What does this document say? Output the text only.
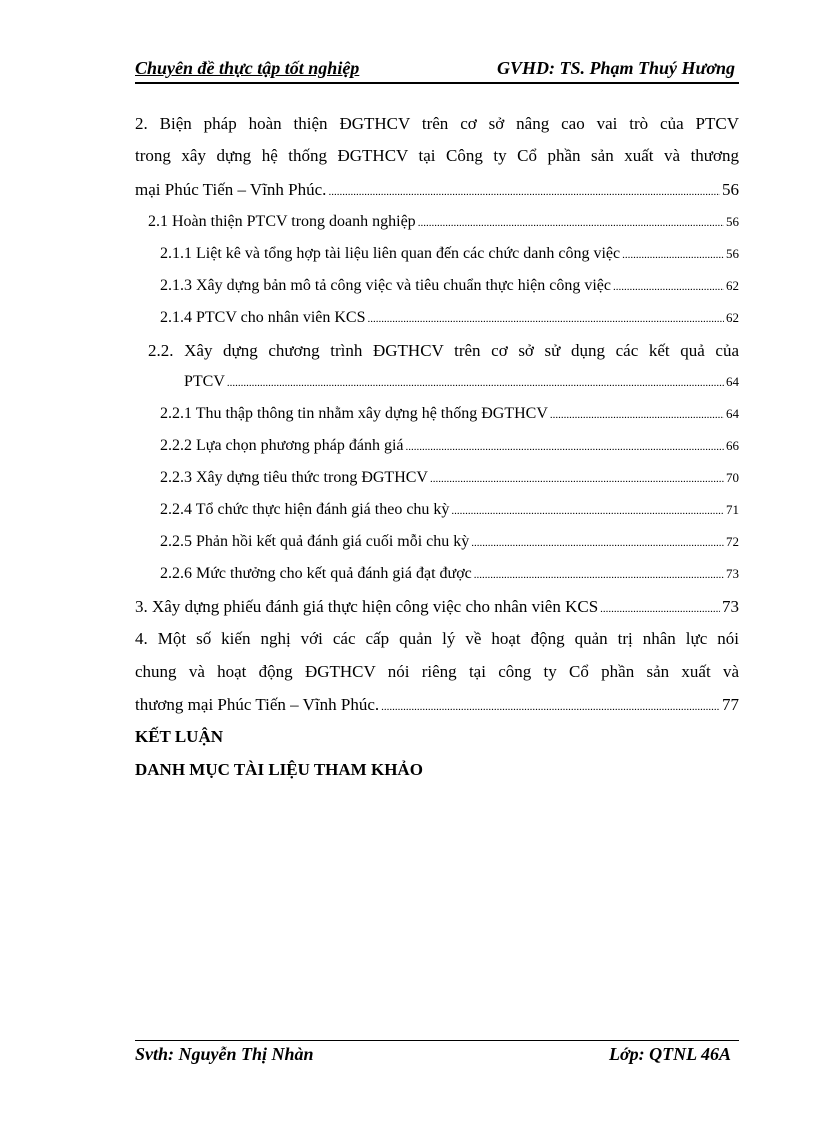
Chuyên đề thực tập tốt nghiệp	GVHD: TS. Phạm Thuý Hương
2. Biện pháp hoàn thiện ĐGTHCV trên cơ sở nâng cao vai trò của PTCV
trong xây dựng hệ thống ĐGTHCV tại Công ty Cổ phần sản xuất và thương
mại Phúc Tiến – Vĩnh Phúc. .....	56
2.1 Hoàn thiện PTCV trong doanh nghiệp .....	56
2.1.1 Liệt kê và tổng hợp tài liệu liên quan đến các chức danh công việc .....	56
2.1.3 Xây dựng bản mô tả công việc và tiêu chuẩn thực hiện công việc .....	62
2.1.4 PTCV cho nhân viên KCS .....	62
2.2. Xây dựng chương trình ĐGTHCV trên cơ sở sử dụng các kết quả của
PTCV .....	64
2.2.1 Thu thập thông tin nhằm xây dựng hệ thống ĐGTHCV .....	64
2.2.2 Lựa chọn phương pháp đánh giá .....	66
2.2.3 Xây dựng tiêu thức trong ĐGTHCV .....	70
2.2.4 Tổ chức thực hiện đánh giá theo chu kỳ .....	71
2.2.5 Phản hồi kết quả đánh giá cuối mỗi chu kỳ .....	72
2.2.6 Mức thưởng cho kết quả đánh giá đạt được .....	73
3. Xây dựng phiếu đánh giá thực hiện công việc cho nhân viên KCS .....	73
4. Một số kiến nghị với các cấp quản lý về hoạt động quản trị nhân lực nói
chung và hoạt động ĐGTHCV nói riêng tại công ty Cổ phần sản xuất và
thương mại Phúc Tiến – Vĩnh Phúc. .....	77
KẾT LUẬN
DANH MỤC TÀI LIỆU THAM KHẢO
Svth: Nguyễn Thị Nhàn	Lớp: QTNL 46A
